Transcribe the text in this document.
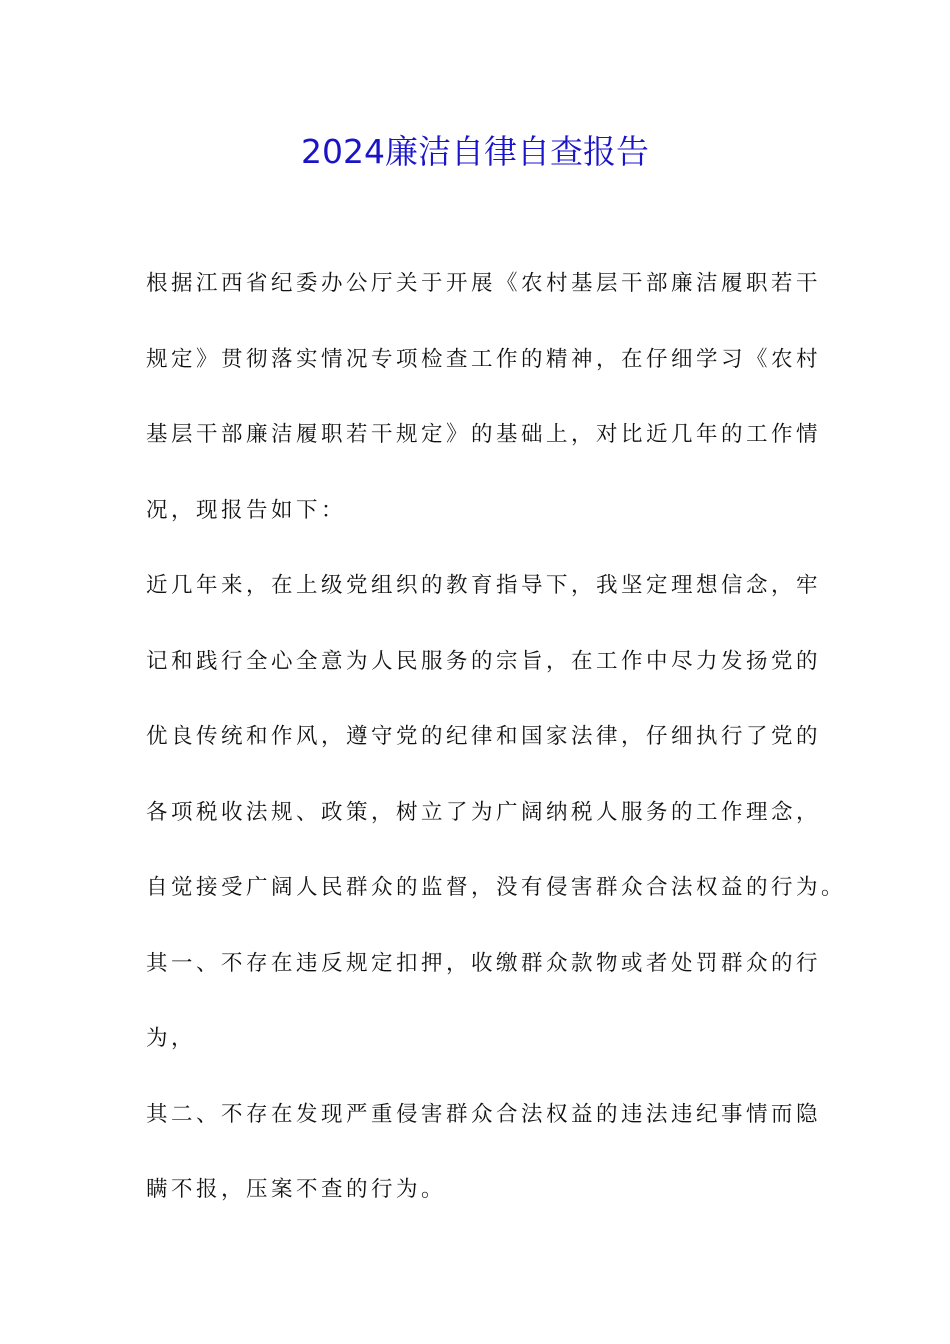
2024廉洁自律自查报告
根据江西省纪委办公厅关于开展《农村基层干部廉洁履职若干
规定》贯彻落实情况专项检查工作的精神，在仔细学习《农村
基层干部廉洁履职若干规定》的基础上，对比近几年的工作情
况，现报告如下：
近几年来，在上级党组织的教育指导下，我坚定理想信念，牢
记和践行全心全意为人民服务的宗旨，在工作中尽力发扬党的
优良传统和作风，遵守党的纪律和国家法律，仔细执行了党的
各项税收法规、政策，树立了为广阔纳税人服务的工作理念，
自觉接受广阔人民群众的监督，没有侵害群众合法权益的行为。
其一、不存在违反规定扣押，收缴群众款物或者处罚群众的行
为，
其二、不存在发现严重侵害群众合法权益的违法违纪事情而隐
瞒不报，压案不查的行为。
